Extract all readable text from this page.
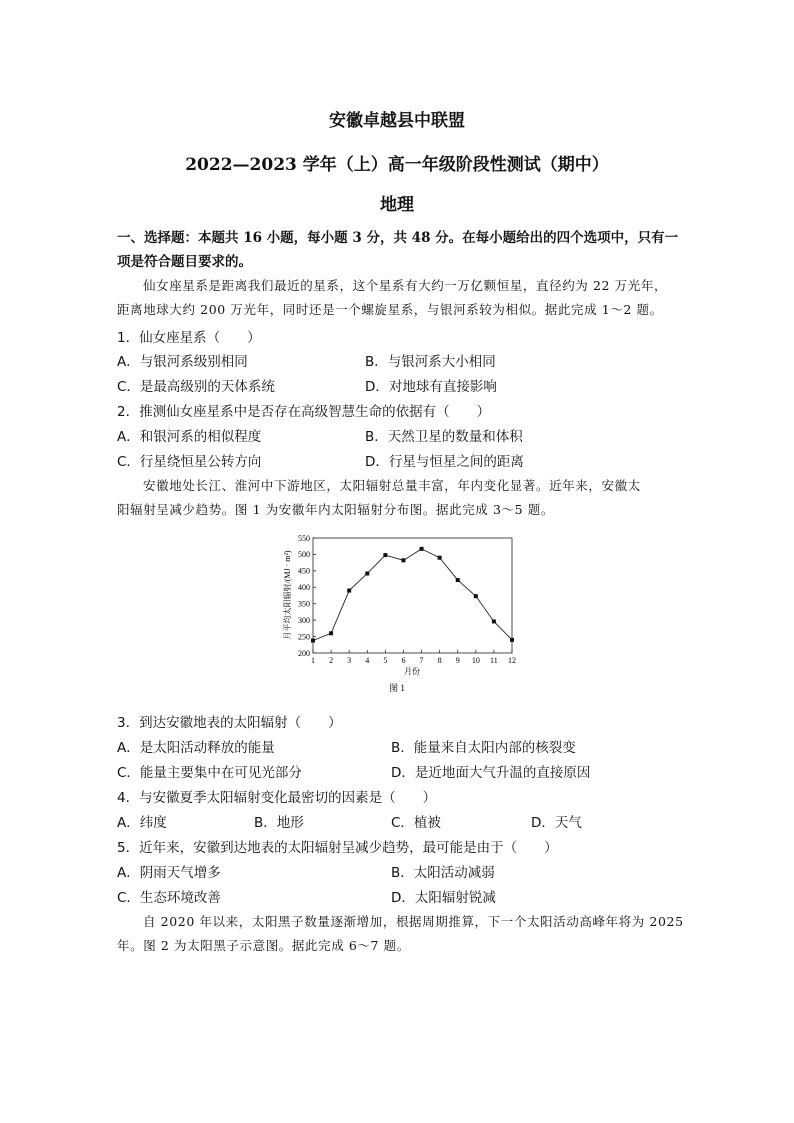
安徽卓越县中联盟
2022—2023 学年（上）高一年级阶段性测试（期中）
地理
一、选择题：本题共 16 小题，每小题 3 分，共 48 分。在每小题给出的四个选项中，只有一
项是符合题目要求的。
仙女座星系是距离我们最近的星系，这个星系有大约一万亿颗恒星，直径约为 22 万光年，
距离地球大约 200 万光年，同时还是一个螺旋星系，与银河系较为相似。据此完成 1～2 题。
1．仙女座星系（　　）
A．与银河系级别相同	B．与银河系大小相同
C．是最高级别的天体系统	D．对地球有直接影响
2．推测仙女座星系中是否存在高级智慧生命的依据有（　　）
A．和银河系的相似程度	B．天然卫星的数量和体积
C．行星绕恒星公转方向	D．行星与恒星之间的距离
安徽地处长江、淮河中下游地区，太阳辐射总量丰富，年内变化显著。近年来，安徽太
阳辐射呈减少趋势。图 1 为安徽年内太阳辐射分布图。据此完成 3～5 题。
200
250
300
350
400
450
500
550
1 2 3 4 5 6 7 8 9 10 11 12
月平均太阳辐射/(MJ · m²)
月份
图 1
3．到达安徽地表的太阳辐射（　　）
A．是太阳活动释放的能量	B．能量来自太阳内部的核裂变
C．能量主要集中在可见光部分	D．是近地面大气升温的直接原因
4．与安徽夏季太阳辐射变化最密切的因素是（　　）
A．纬度	B．地形	C．植被	D．天气
5．近年来，安徽到达地表的太阳辐射呈减少趋势，最可能是由于（　　）
A．阴雨天气增多	B．太阳活动减弱
C．生态环境改善	D．太阳辐射锐减
自 2020 年以来，太阳黑子数量逐渐增加，根据周期推算，下一个太阳活动高峰年将为 2025
年。图 2 为太阳黑子示意图。据此完成 6～7 题。
